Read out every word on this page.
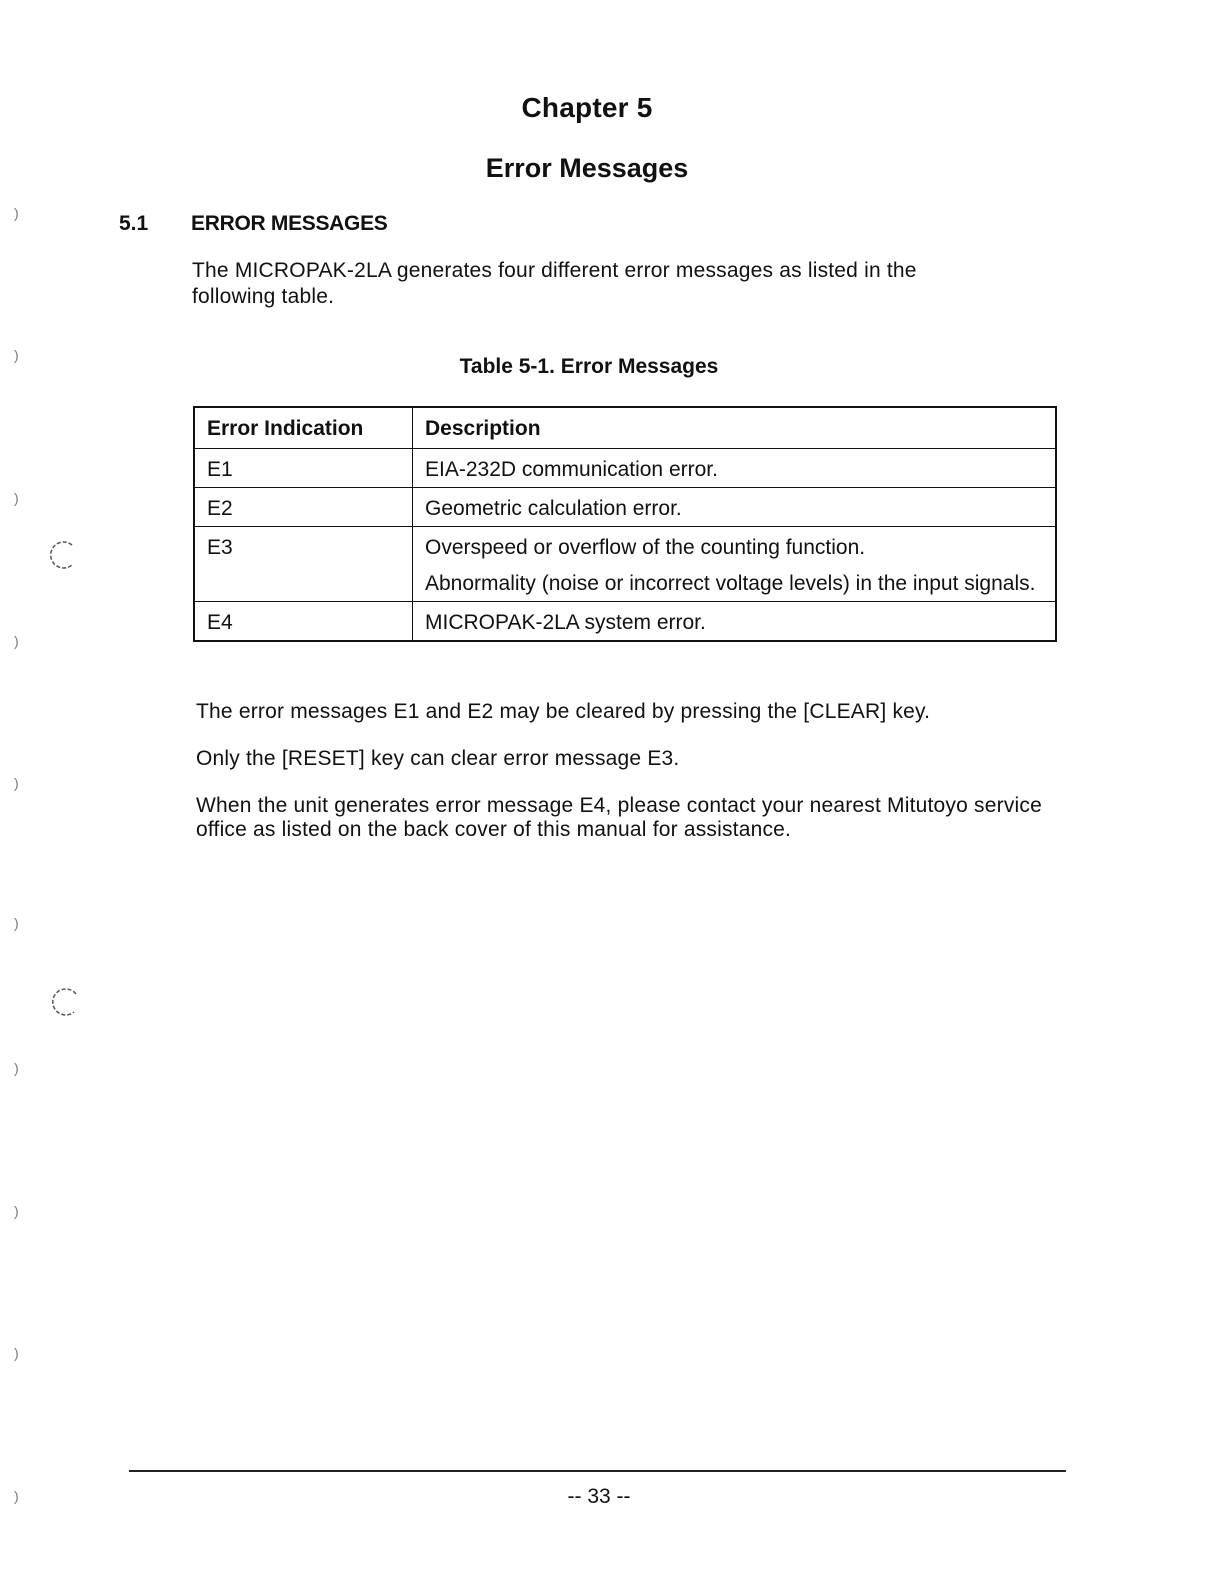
Chapter 5
Error Messages
5.1 ERROR MESSAGES
The MICROPAK-2LA generates four different error messages as listed in the following table.
Table 5-1. Error Messages
Error Indication	Description
E1	EIA-232D communication error.

E2	Geometric calculation error.

E3	Overspeed or overflow of the counting function.
Abnormality (noise or incorrect voltage levels) in the input signals.

E4	MICROPAK-2LA system error.
The error messages E1 and E2 may be cleared by pressing the [CLEAR] key.
Only the [RESET] key can clear error message E3.
When the unit generates error message E4, please contact your nearest Mitutoyo service office as listed on the back cover of this manual for assistance.
-- 33 --
)
)
)
)
)
)
)
)
)
)
